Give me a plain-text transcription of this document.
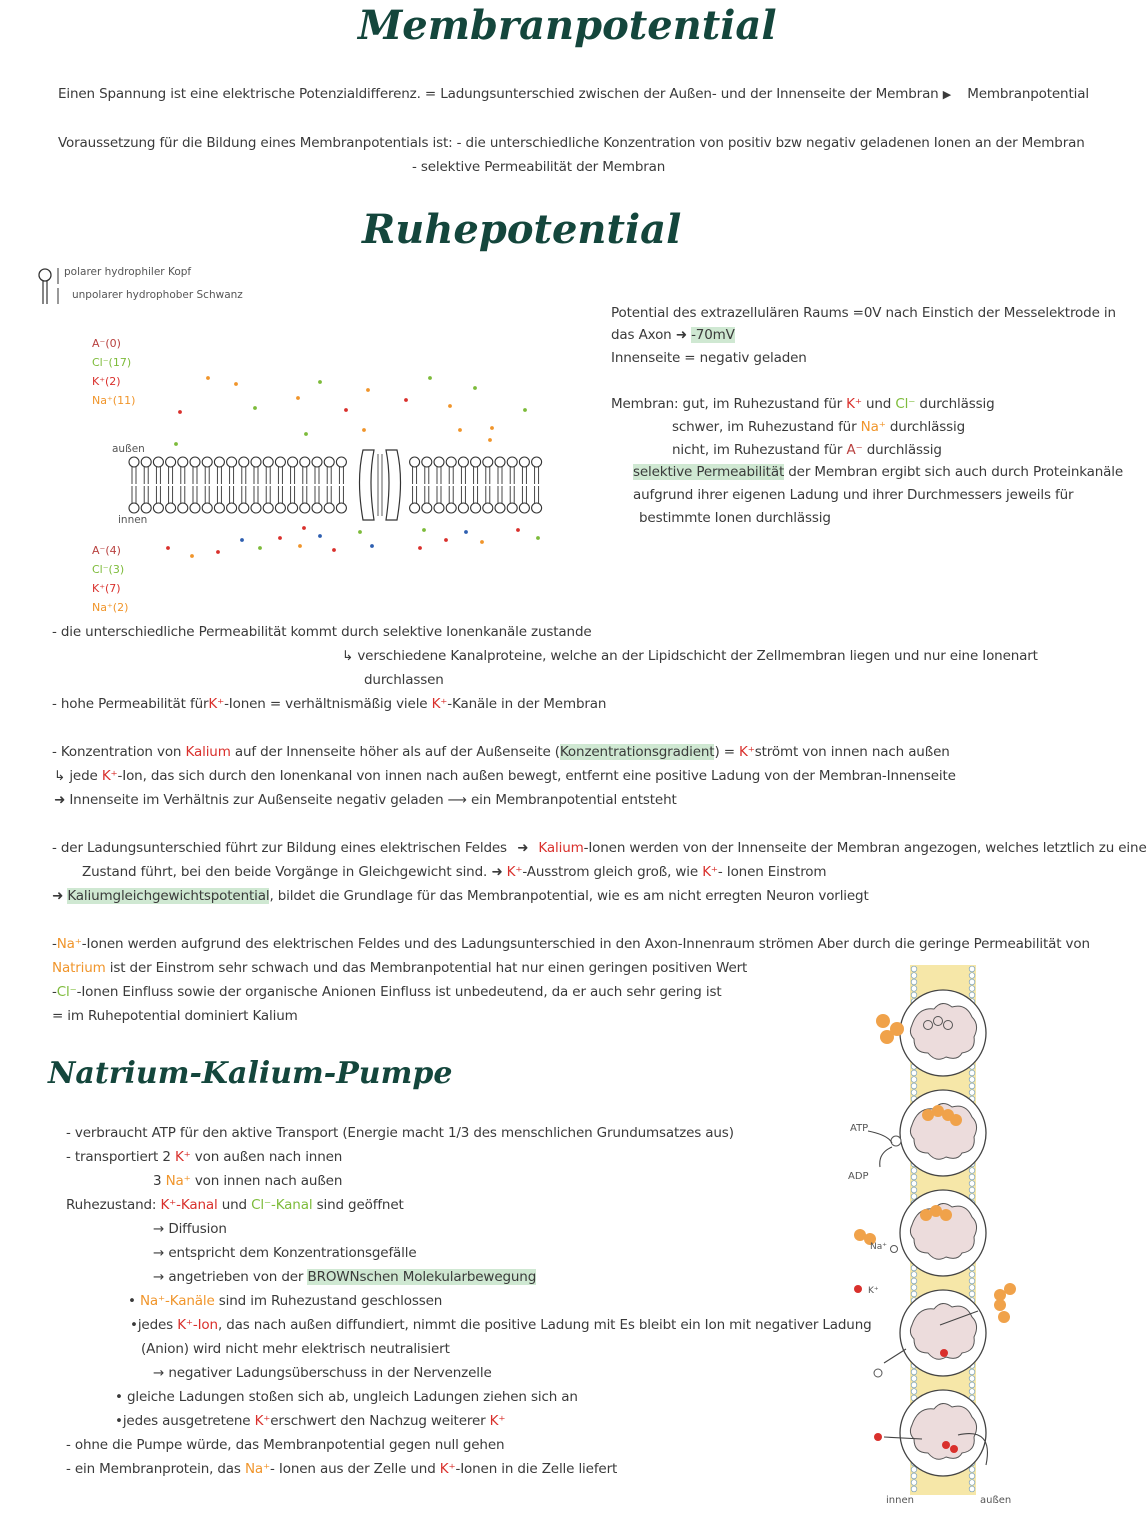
Membranpotential
Einen Spannung ist eine elektrische Potenzialdifferenz. = Ladungsunterschied zwischen der Außen- und der Innenseite der Membran ▶ Membranpotential
Voraussetzung für die Bildung eines Membranpotentials ist: - die unterschiedliche Konzentration von positiv bzw negativ geladenen Ionen an der Membran
- selektive Permeabilität der Membran
Ruhepotential
polarer hydrophiler Kopf
unpolarer hydrophober Schwanz
A⁻(0)
Cl⁻(17)
K⁺(2)
Na⁺(11)
A⁻(4)
Cl⁻(3)
K⁺(7)
Na⁺(2)
außen
innen
Potential des extrazellulären Raums =0V nach Einstich der Messelektrode in
das Axon ➜ -70mV
Innenseite = negativ geladen
Membran: gut, im Ruhezustand für K⁺ und Cl⁻ durchlässig
schwer, im Ruhezustand für Na⁺ durchlässig
nicht, im Ruhezustand für A⁻ durchlässig
selektive Permeabilität der Membran ergibt sich auch durch Proteinkanäle
aufgrund ihrer eigenen Ladung und ihrer Durchmessers jeweils für
bestimmte Ionen durchlässig
- die unterschiedliche Permeabilität kommt durch selektive Ionenkanäle zustande
↳ verschiedene Kanalproteine, welche an der Lipidschicht der Zellmembran liegen und nur eine Ionenart
durchlassen
- hohe Permeabilität fürK⁺-Ionen = verhältnismäßig viele K⁺-Kanäle in der Membran
- Konzentration von Kalium auf der Innenseite höher als auf der Außenseite (Konzentrationsgradient) = K⁺strömt von innen nach außen
↳ jede K⁺-Ion, das sich durch den Ionenkanal von innen nach außen bewegt, entfernt eine positive Ladung von der Membran-Innenseite
➜ Innenseite im Verhältnis zur Außenseite negativ geladen ⟶ ein Membranpotential entsteht
- der Ladungsunterschied führt zur Bildung eines elektrischen Feldes ➜ Kalium-Ionen werden von der Innenseite der Membran angezogen, welches letztlich zu eine
Zustand führt, bei den beide Vorgänge in Gleichgewicht sind. ➜ K⁺-Ausstrom gleich groß, wie K⁺- Ionen Einstrom
➜ Kaliumgleichgewichtspotential, bildet die Grundlage für das Membranpotential, wie es am nicht erregten Neuron vorliegt
-Na⁺-Ionen werden aufgrund des elektrischen Feldes und des Ladungsunterschied in den Axon-Innenraum strömen Aber durch die geringe Permeabilität von
Natrium ist der Einstrom sehr schwach und das Membranpotential hat nur einen geringen positiven Wert
-Cl⁻-Ionen Einfluss sowie der organische Anionen Einfluss ist unbedeutend, da er auch sehr gering ist
= im Ruhepotential dominiert Kalium
Natrium-Kalium-Pumpe
- verbraucht ATP für den aktive Transport (Energie macht 1/3 des menschlichen Grundumsatzes aus)
- transportiert 2 K⁺ von außen nach innen
3 Na⁺ von innen nach außen
Ruhezustand: K⁺-Kanal und Cl⁻-Kanal sind geöffnet
→ Diffusion
→ entspricht dem Konzentrationsgefälle
→ angetrieben von der BROWNschen Molekularbewegung
• Na⁺-Kanäle sind im Ruhezustand geschlossen
•jedes K⁺-Ion, das nach außen diffundiert, nimmt die positive Ladung mit Es bleibt ein Ion mit negativer Ladung
(Anion) wird nicht mehr elektrisch neutralisiert
→ negativer Ladungsüberschuss in der Nervenzelle
• gleiche Ladungen stoßen sich ab, ungleich Ladungen ziehen sich an
•jedes ausgetretene K⁺erschwert den Nachzug weiterer K⁺
- ohne die Pumpe würde, das Membranpotential gegen null gehen
- ein Membranprotein, das Na⁺- Ionen aus der Zelle und K⁺-Ionen in die Zelle liefert
ATP
ADP
Na⁺
K⁺
innen	außen
